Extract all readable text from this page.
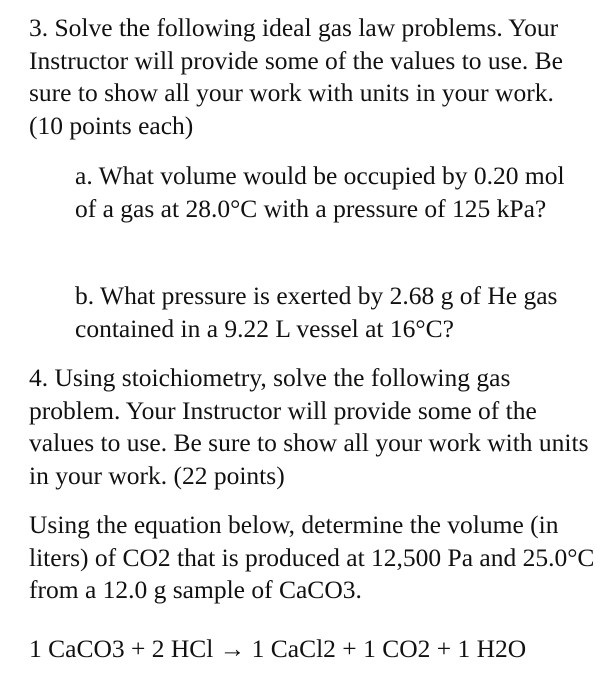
3. Solve the following ideal gas law problems. Your Instructor will provide some of the values to use. Be sure to show all your work with units in your work. (10 points each)

a. What volume would be occupied by 0.20 mol of a gas at 28.0°C with a pressure of 125 kPa?

b. What pressure is exerted by 2.68 g of He gas contained in a 9.22 L vessel at 16°C?

4. Using stoichiometry, solve the following gas problem. Your Instructor will provide some of the values to use. Be sure to show all your work with units in your work. (22 points)

Using the equation below, determine the volume (in liters) of CO2 that is produced at 12,500 Pa and 25.0°C from a 12.0 g sample of CaCO3.

1 CaCO3 + 2 HCl → 1 CaCl2 + 1 CO2 + 1 H2O
